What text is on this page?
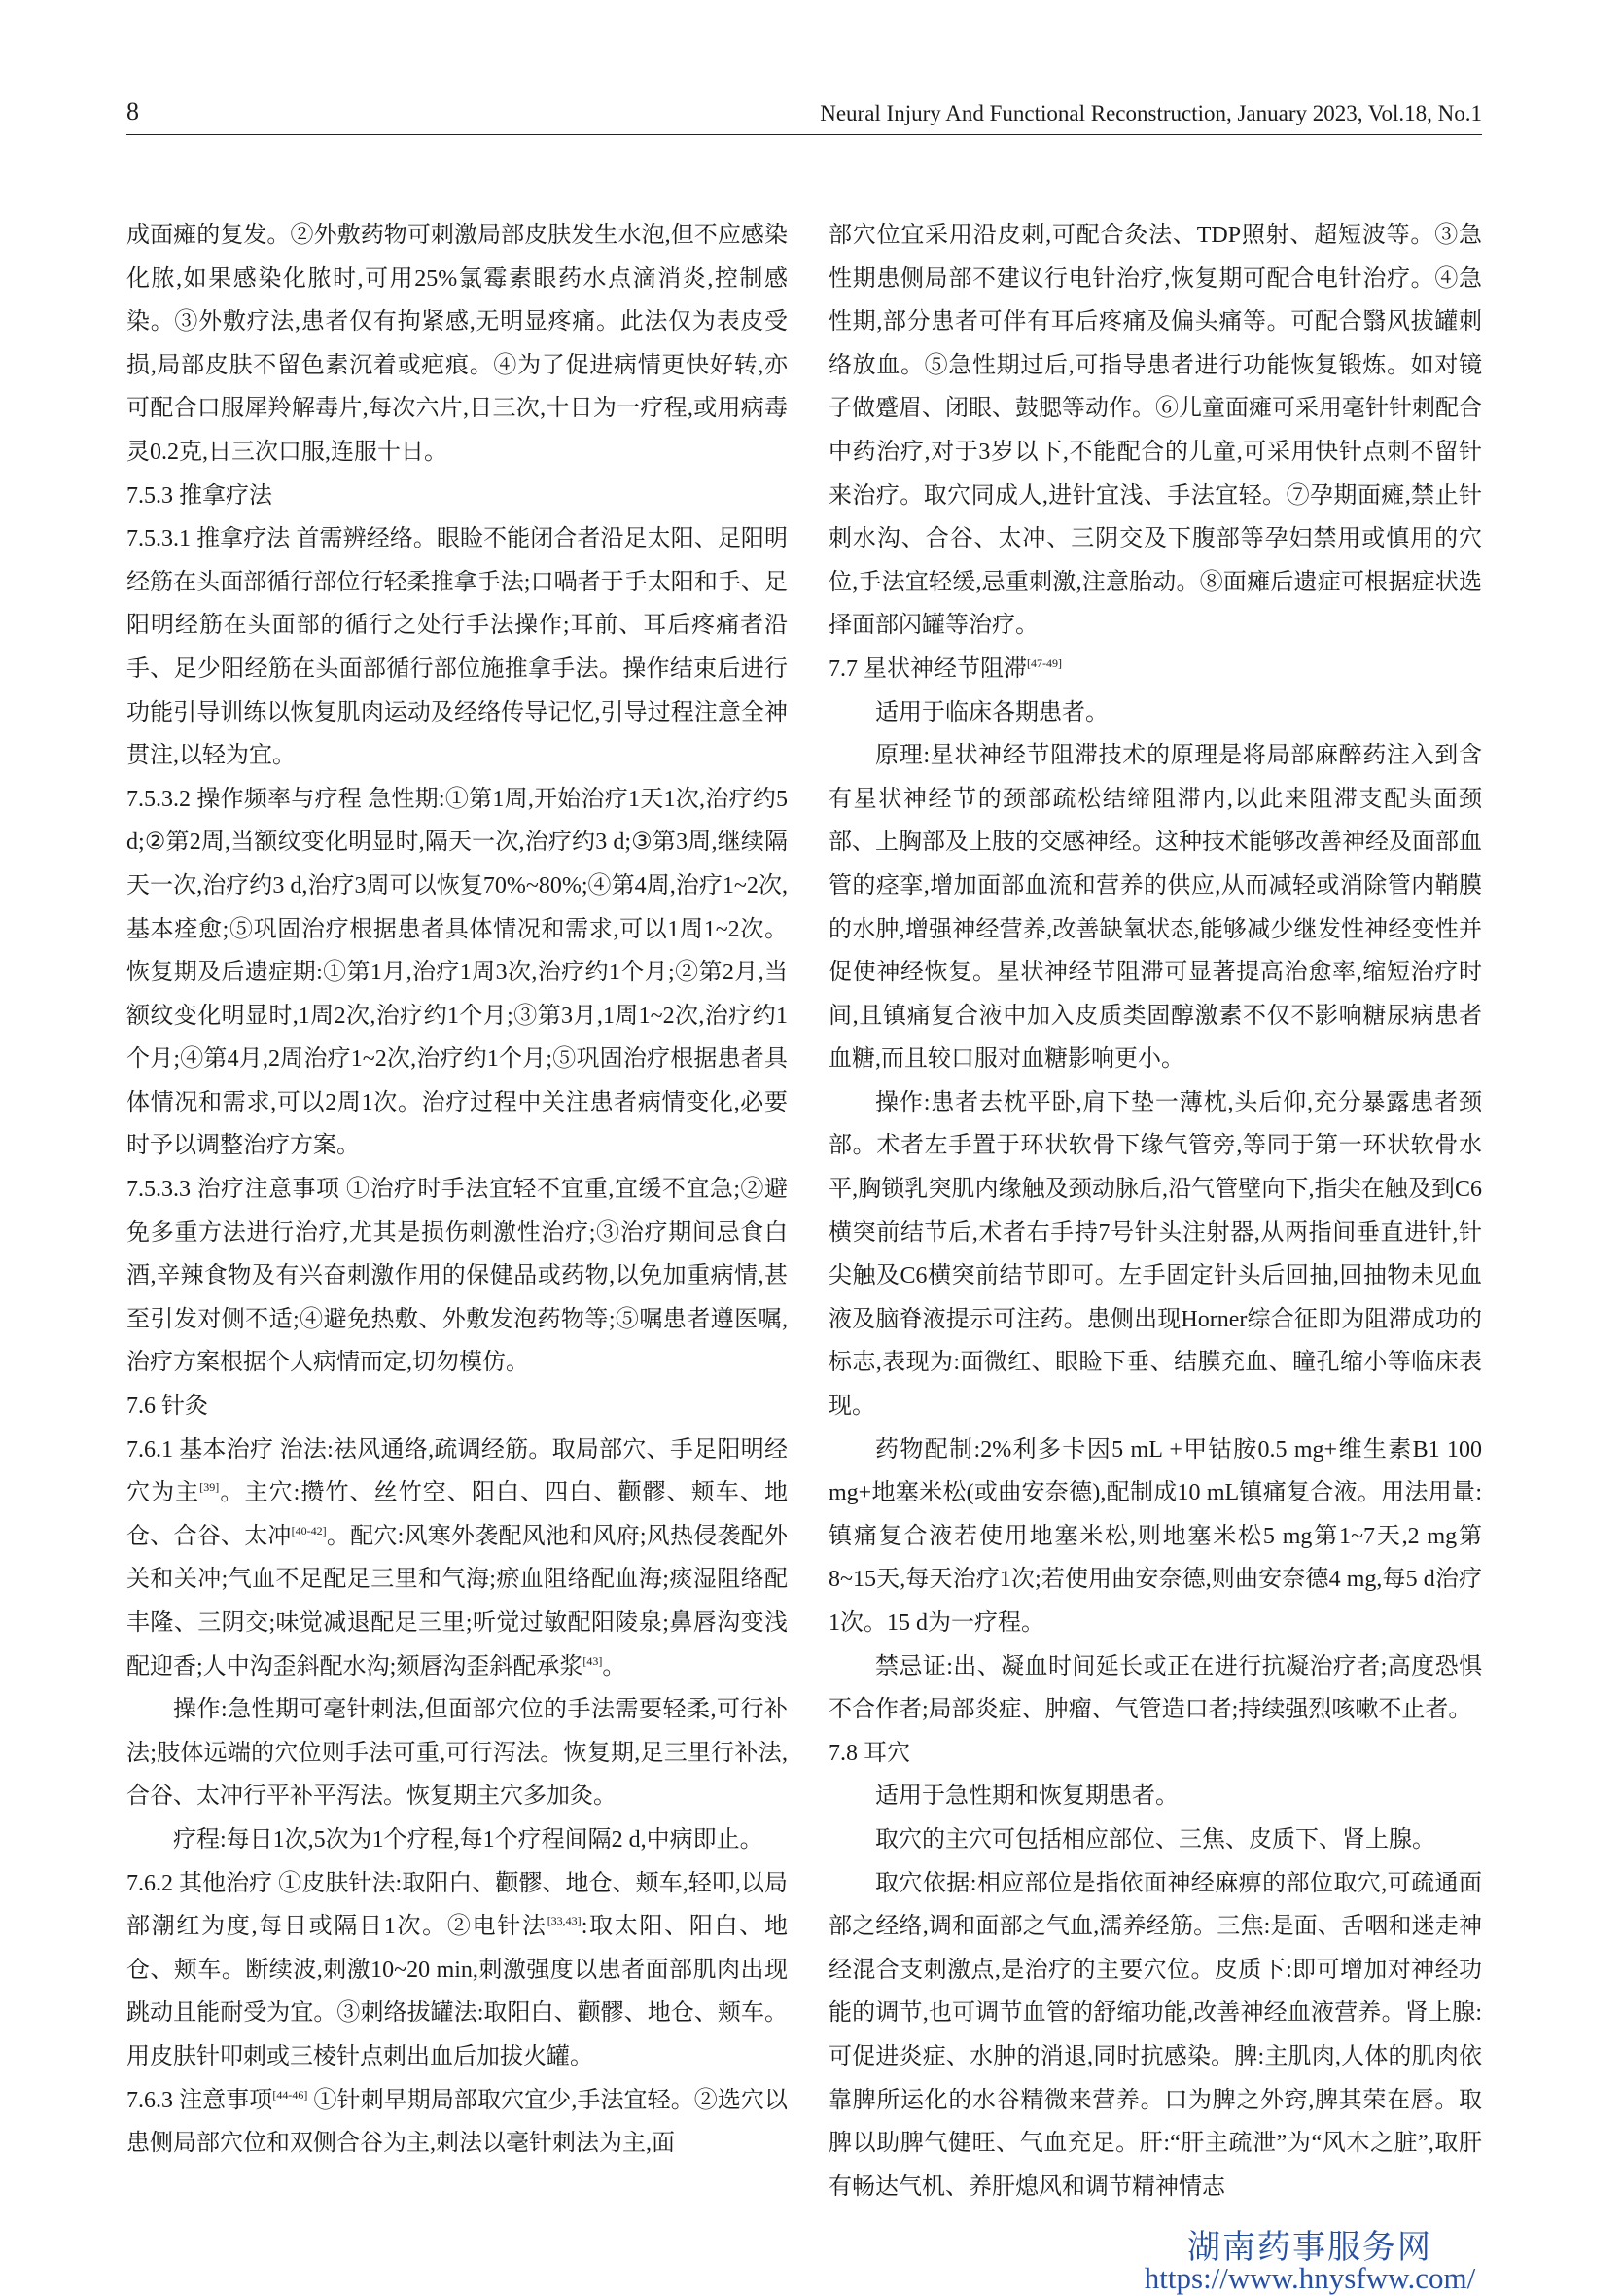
8	Neural Injury And Functional Reconstruction, January 2023, Vol.18, No.1

成面瘫的复发。②外敷药物可刺激局部皮肤发生水泡,但不应感染化脓,如果感染化脓时,可用25%氯霉素眼药水点滴消炎,控制感染。③外敷疗法,患者仅有拘紧感,无明显疼痛。此法仅为表皮受损,局部皮肤不留色素沉着或疤痕。④为了促进病情更快好转,亦可配合口服犀羚解毒片,每次六片,日三次,十日为一疗程,或用病毒灵0.2克,日三次口服,连服十日。

7.5.3 推拿疗法

7.5.3.1 推拿疗法 首需辨经络。眼睑不能闭合者沿足太阳、足阳明经筋在头面部循行部位行轻柔推拿手法;口喎者于手太阳和手、足阳明经筋在头面部的循行之处行手法操作;耳前、耳后疼痛者沿手、足少阳经筋在头面部循行部位施推拿手法。操作结束后进行功能引导训练以恢复肌肉运动及经络传导记忆,引导过程注意全神贯注,以轻为宜。

7.5.3.2 操作频率与疗程 急性期:①第1周,开始治疗1天1次,治疗约5 d;②第2周,当额纹变化明显时,隔天一次,治疗约3 d;③第3周,继续隔天一次,治疗约3 d,治疗3周可以恢复70%~80%;④第4周,治疗1~2次,基本痊愈;⑤巩固治疗根据患者具体情况和需求,可以1周1~2次。恢复期及后遗症期:①第1月,治疗1周3次,治疗约1个月;②第2月,当额纹变化明显时,1周2次,治疗约1个月;③第3月,1周1~2次,治疗约1个月;④第4月,2周治疗1~2次,治疗约1个月;⑤巩固治疗根据患者具体情况和需求,可以2周1次。治疗过程中关注患者病情变化,必要时予以调整治疗方案。

7.5.3.3 治疗注意事项 ①治疗时手法宜轻不宜重,宜缓不宜急;②避免多重方法进行治疗,尤其是损伤刺激性治疗;③治疗期间忌食白酒,辛辣食物及有兴奋刺激作用的保健品或药物,以免加重病情,甚至引发对侧不适;④避免热敷、外敷发泡药物等;⑤嘱患者遵医嘱,治疗方案根据个人病情而定,切勿模仿。

7.6 针灸

7.6.1 基本治疗 治法:祛风通络,疏调经筋。取局部穴、手足阳明经穴为主[39]。主穴:攒竹、丝竹空、阳白、四白、颧髎、颊车、地仓、合谷、太冲[40-42]。配穴:风寒外袭配风池和风府;风热侵袭配外关和关冲;气血不足配足三里和气海;瘀血阻络配血海;痰湿阻络配丰隆、三阴交;味觉减退配足三里;听觉过敏配阳陵泉;鼻唇沟变浅配迎香;人中沟歪斜配水沟;颏唇沟歪斜配承浆[43]。

操作:急性期可毫针刺法,但面部穴位的手法需要轻柔,可行补法;肢体远端的穴位则手法可重,可行泻法。恢复期,足三里行补法,合谷、太冲行平补平泻法。恢复期主穴多加灸。

疗程:每日1次,5次为1个疗程,每1个疗程间隔2 d,中病即止。

7.6.2 其他治疗 ①皮肤针法:取阳白、颧髎、地仓、颊车,轻叩,以局部潮红为度,每日或隔日1次。②电针法[33,43]:取太阳、阳白、地仓、颊车。断续波,刺激10~20 min,刺激强度以患者面部肌肉出现跳动且能耐受为宜。③刺络拔罐法:取阳白、颧髎、地仓、颊车。用皮肤针叩刺或三棱针点刺出血后加拔火罐。

7.6.3 注意事项[44-46] ①针刺早期局部取穴宜少,手法宜轻。②选穴以患侧局部穴位和双侧合谷为主,刺法以毫针刺法为主,面

部穴位宜采用沿皮刺,可配合灸法、TDP照射、超短波等。③急性期患侧局部不建议行电针治疗,恢复期可配合电针治疗。④急性期,部分患者可伴有耳后疼痛及偏头痛等。可配合翳风拔罐刺络放血。⑤急性期过后,可指导患者进行功能恢复锻炼。如对镜子做蹙眉、闭眼、鼓腮等动作。⑥儿童面瘫可采用毫针针刺配合中药治疗,对于3岁以下,不能配合的儿童,可采用快针点刺不留针来治疗。取穴同成人,进针宜浅、手法宜轻。⑦孕期面瘫,禁止针刺水沟、合谷、太冲、三阴交及下腹部等孕妇禁用或慎用的穴位,手法宜轻缓,忌重刺激,注意胎动。⑧面瘫后遗症可根据症状选择面部闪罐等治疗。

7.7 星状神经节阻滞[47-49]

适用于临床各期患者。

原理:星状神经节阻滞技术的原理是将局部麻醉药注入到含有星状神经节的颈部疏松结缔阻滞内,以此来阻滞支配头面颈部、上胸部及上肢的交感神经。这种技术能够改善神经及面部血管的痉挛,增加面部血流和营养的供应,从而减轻或消除管内鞘膜的水肿,增强神经营养,改善缺氧状态,能够减少继发性神经变性并促使神经恢复。星状神经节阻滞可显著提高治愈率,缩短治疗时间,且镇痛复合液中加入皮质类固醇激素不仅不影响糖尿病患者血糖,而且较口服对血糖影响更小。

操作:患者去枕平卧,肩下垫一薄枕,头后仰,充分暴露患者颈部。术者左手置于环状软骨下缘气管旁,等同于第一环状软骨水平,胸锁乳突肌内缘触及颈动脉后,沿气管壁向下,指尖在触及到C6横突前结节后,术者右手持7号针头注射器,从两指间垂直进针,针尖触及C6横突前结节即可。左手固定针头后回抽,回抽物未见血液及脑脊液提示可注药。患侧出现Horner综合征即为阻滞成功的标志,表现为:面微红、眼睑下垂、结膜充血、瞳孔缩小等临床表现。

药物配制:2%利多卡因5 mL +甲钴胺0.5 mg+维生素B1 100 mg+地塞米松(或曲安奈德),配制成10 mL镇痛复合液。用法用量:镇痛复合液若使用地塞米松,则地塞米松5 mg第1~7天,2 mg第8~15天,每天治疗1次;若使用曲安奈德,则曲安奈德4 mg,每5 d治疗1次。15 d为一疗程。

禁忌证:出、凝血时间延长或正在进行抗凝治疗者;高度恐惧不合作者;局部炎症、肿瘤、气管造口者;持续强烈咳嗽不止者。

7.8 耳穴

适用于急性期和恢复期患者。

取穴的主穴可包括相应部位、三焦、皮质下、肾上腺。

取穴依据:相应部位是指依面神经麻痹的部位取穴,可疏通面部之经络,调和面部之气血,濡养经筋。三焦:是面、舌咽和迷走神经混合支刺激点,是治疗的主要穴位。皮质下:即可增加对神经功能的调节,也可调节血管的舒缩功能,改善神经血液营养。肾上腺:可促进炎症、水肿的消退,同时抗感染。脾:主肌肉,人体的肌肉依靠脾所运化的水谷精微来营养。口为脾之外窍,脾其荣在唇。取脾以助脾气健旺、气血充足。肝:“肝主疏泄”为“风木之脏”,取肝有畅达气机、养肝熄风和调节精神情志

湖南药事服务网
https://www.hnysfww.com/
